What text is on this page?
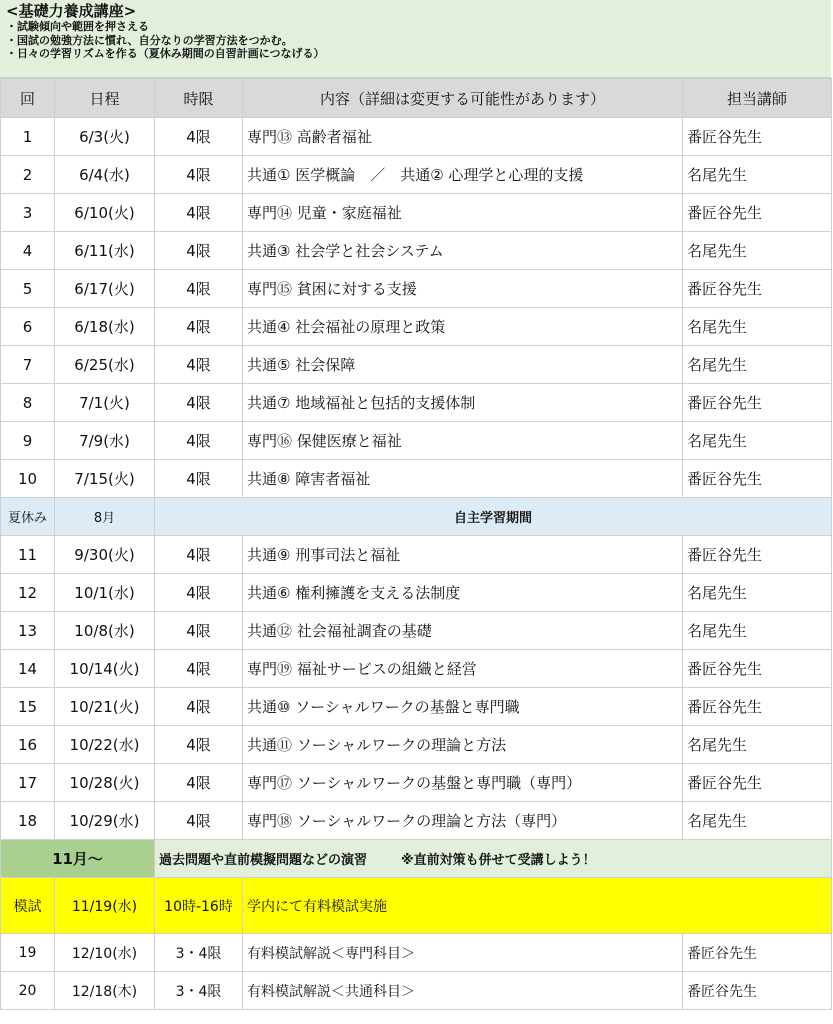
<基礎力養成講座>
・試験傾向や範囲を押さえる
・国試の勉強方法に慣れ、自分なりの学習方法をつかむ。
・日々の学習リズムを作る（夏休み期間の自習計画につなげる）
回	日程	時限	内容（詳細は変更する可能性があります）	担当講師
1	6/3(火)	4限	専門⑬ 高齢者福祉	番匠谷先生
2	6/4(水)	4限	共通① 医学概論　／　共通② 心理学と心理的支援	名尾先生
3	6/10(火)	4限	専門⑭ 児童・家庭福祉	番匠谷先生
4	6/11(水)	4限	共通③ 社会学と社会システム	名尾先生
5	6/17(火)	4限	専門⑮ 貧困に対する支援	番匠谷先生
6	6/18(水)	4限	共通④ 社会福祉の原理と政策	名尾先生
7	6/25(水)	4限	共通⑤ 社会保障	名尾先生
8	7/1(火)	4限	共通⑦ 地域福祉と包括的支援体制	番匠谷先生
9	7/9(水)	4限	専門⑯ 保健医療と福祉	名尾先生
10	7/15(火)	4限	共通⑧ 障害者福祉	番匠谷先生
夏休み	8月	自主学習期間		
11	9/30(火)	4限	共通⑨ 刑事司法と福祉	番匠谷先生
12	10/1(水)	4限	共通⑥ 権利擁護を支える法制度	名尾先生
13	10/8(水)	4限	共通⑫ 社会福祉調査の基礎	名尾先生
14	10/14(火)	4限	専門⑲ 福祉サービスの組織と経営	番匠谷先生
15	10/21(火)	4限	共通⑩ ソーシャルワークの基盤と専門職	番匠谷先生
16	10/22(水)	4限	共通⑪ ソーシャルワークの理論と方法	名尾先生
17	10/28(火)	4限	専門⑰ ソーシャルワークの基盤と専門職（専門）	番匠谷先生
18	10/29(水)	4限	専門⑱ ソーシャルワークの理論と方法（専門）	名尾先生
11月～		過去問題や直前模擬問題などの演習 ※直前対策も併せて受講しよう！		
模試	11/19(水)	10時-16時	学内にて有料模試実施	
19	12/10(水)	3・4限	有料模試解説＜専門科目＞	番匠谷先生
20	12/18(木)	3・4限	有料模試解説＜共通科目＞	番匠谷先生
